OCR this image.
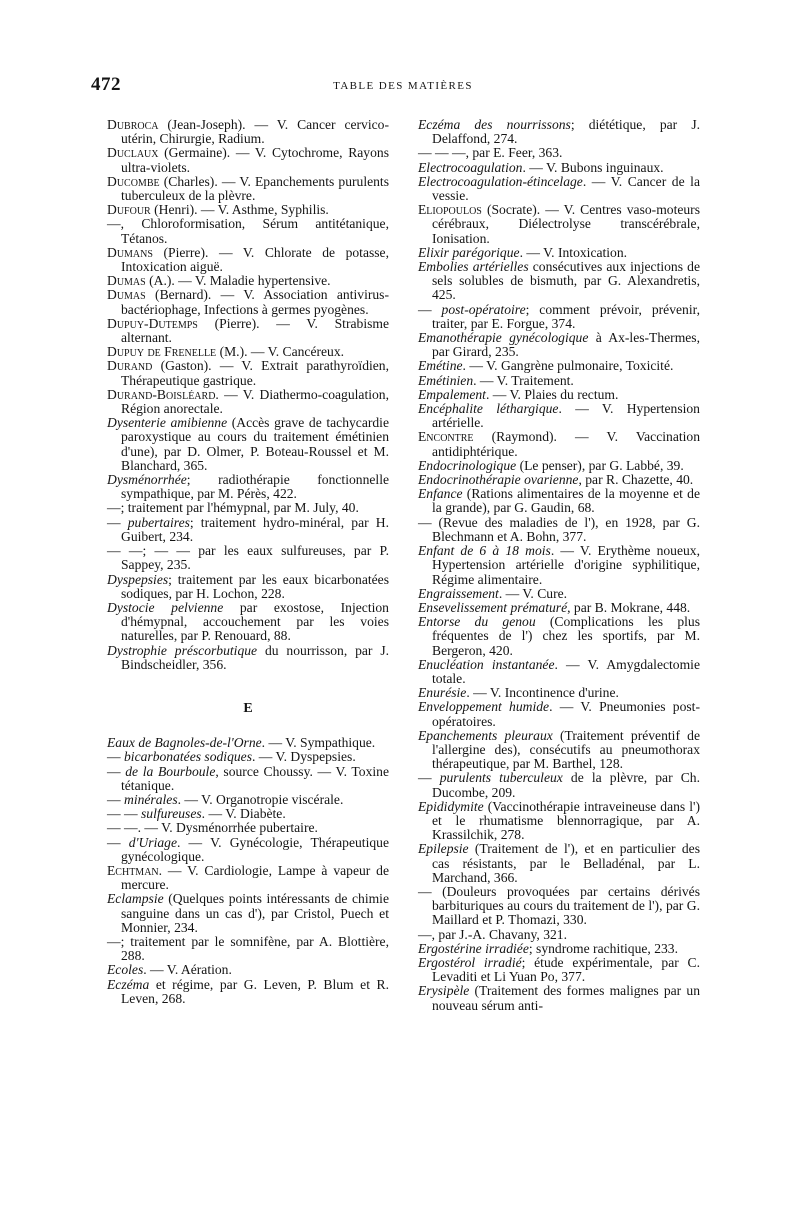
472	TABLE DES MATIÈRES
Dubroca (Jean-Joseph). — V. Cancer cervico-utérin, Chirurgie, Radium.
Duclaux (Germaine). — V. Cytochrome, Rayons ultra-violets.
Ducombe (Charles). — V. Epanchements purulents tuberculeux de la plèvre.
Dufour (Henri). — V. Asthme, Syphilis.
—, Chloroformisation, Sérum antitétanique, Tétanos.
Dumans (Pierre). — V. Chlorate de potasse, Intoxication aiguë.
Dumas (A.). — V. Maladie hypertensive.
Dumas (Bernard). — V. Association antivirus-bactériophage, Infections à germes pyogènes.
Dupuy-Dutemps (Pierre). — V. Strabisme alternant.
Dupuy de Frenelle (M.). — V. Cancéreux.
Durand (Gaston). — V. Extrait parathyroïdien, Thérapeutique gastrique.
Durand-Boisléard. — V. Diathermo-coagulation, Région anorectale.
Dysenterie amibienne (Accès grave de tachycardie paroxystique au cours du traitement émétinien d'une), par D. Olmer, P. Boteau-Roussel et M. Blanchard, 365.
Dysménorrhée; radiothérapie fonctionnelle sympathique, par M. Pérès, 422.
—; traitement par l'hémypnal, par M. July, 40.
— pubertaires; traitement hydro-minéral, par H. Guibert, 234.
— —; — — par les eaux sulfureuses, par P. Sappey, 235.
Dyspepsies; traitement par les eaux bicarbonatées sodiques, par H. Lochon, 228.
Dystocie pelvienne par exostose, Injection d'hémypnal, accouchement par les voies naturelles, par P. Renouard, 88.
Dystrophie préscorbutique du nourrisson, par J. Bindscheidler, 356.
E
Eaux de Bagnoles-de-l'Orne. — V. Sympathique.
— bicarbonatées sodiques. — V. Dyspepsies.
— de la Bourboule, source Choussy. — V. Toxine tétanique.
— minérales. — V. Organotropie viscérale.
— — sulfureuses. — V. Diabète.
— —. — V. Dysménorrhée pubertaire.
— d'Uriage. — V. Gynécologie, Thérapeutique gynécologique.
Echtman. — V. Cardiologie, Lampe à vapeur de mercure.
Eclampsie (Quelques points intéressants de chimie sanguine dans un cas d'), par Cristol, Puech et Monnier, 234.
—; traitement par le somnifène, par A. Blottière, 288.
Ecoles. — V. Aération.
Eczéma et régime, par G. Leven, P. Blum et R. Leven, 268.
Eczéma des nourrissons; diététique, par J. Delaffond, 274.
— — —, par E. Feer, 363.
Electrocoagulation. — V. Bubons inguinaux.
Electrocoagulation-étincelage. — V. Cancer de la vessie.
Eliopoulos (Socrate). — V. Centres vaso-moteurs cérébraux, Diélectrolyse transcérébrale, Ionisation.
Elixir parégorique. — V. Intoxication.
Embolies artérielles consécutives aux injections de sels solubles de bismuth, par G. Alexandretis, 425.
— post-opératoire; comment prévoir, prévenir, traiter, par E. Forgue, 374.
Emanothérapie gynécologique à Ax-les-Thermes, par Girard, 235.
Emétine. — V. Gangrène pulmonaire, Toxicité.
Emétinien. — V. Traitement.
Empalement. — V. Plaies du rectum.
Encéphalite léthargique. — V. Hypertension artérielle.
Encontre (Raymond). — V. Vaccination antidiphtérique.
Endocrinologique (Le penser), par G. Labbé, 39.
Endocrinothérapie ovarienne, par R. Chazette, 40.
Enfance (Rations alimentaires de la moyenne et de la grande), par G. Gaudin, 68.
— (Revue des maladies de l'), en 1928, par G. Blechmann et A. Bohn, 377.
Enfant de 6 à 18 mois. — V. Erythème noueux, Hypertension artérielle d'origine syphilitique, Régime alimentaire.
Engraissement. — V. Cure.
Ensevelissement prématuré, par B. Mokrane, 448.
Entorse du genou (Complications les plus fréquentes de l') chez les sportifs, par M. Bergeron, 420.
Enucléation instantanée. — V. Amygdalectomie totale.
Enurésie. — V. Incontinence d'urine.
Enveloppement humide. — V. Pneumonies post-opératoires.
Epanchements pleuraux (Traitement préventif de l'allergine des), consécutifs au pneumothorax thérapeutique, par M. Barthel, 128.
— purulents tuberculeux de la plèvre, par Ch. Ducombe, 209.
Epididymite (Vaccinothérapie intraveineuse dans l') et le rhumatisme blennorragique, par A. Krassilchik, 278.
Epilepsie (Traitement de l'), et en particulier des cas résistants, par le Belladénal, par L. Marchand, 366.
— (Douleurs provoquées par certains dérivés barbituriques au cours du traitement de l'), par G. Maillard et P. Thomazi, 330.
—, par J.-A. Chavany, 321.
Ergostérine irradiée; syndrome rachitique, 233.
Ergostérol irradié; étude expérimentale, par C. Levaditi et Li Yuan Po, 377.
Erysipèle (Traitement des formes malignes par un nouveau sérum anti-
